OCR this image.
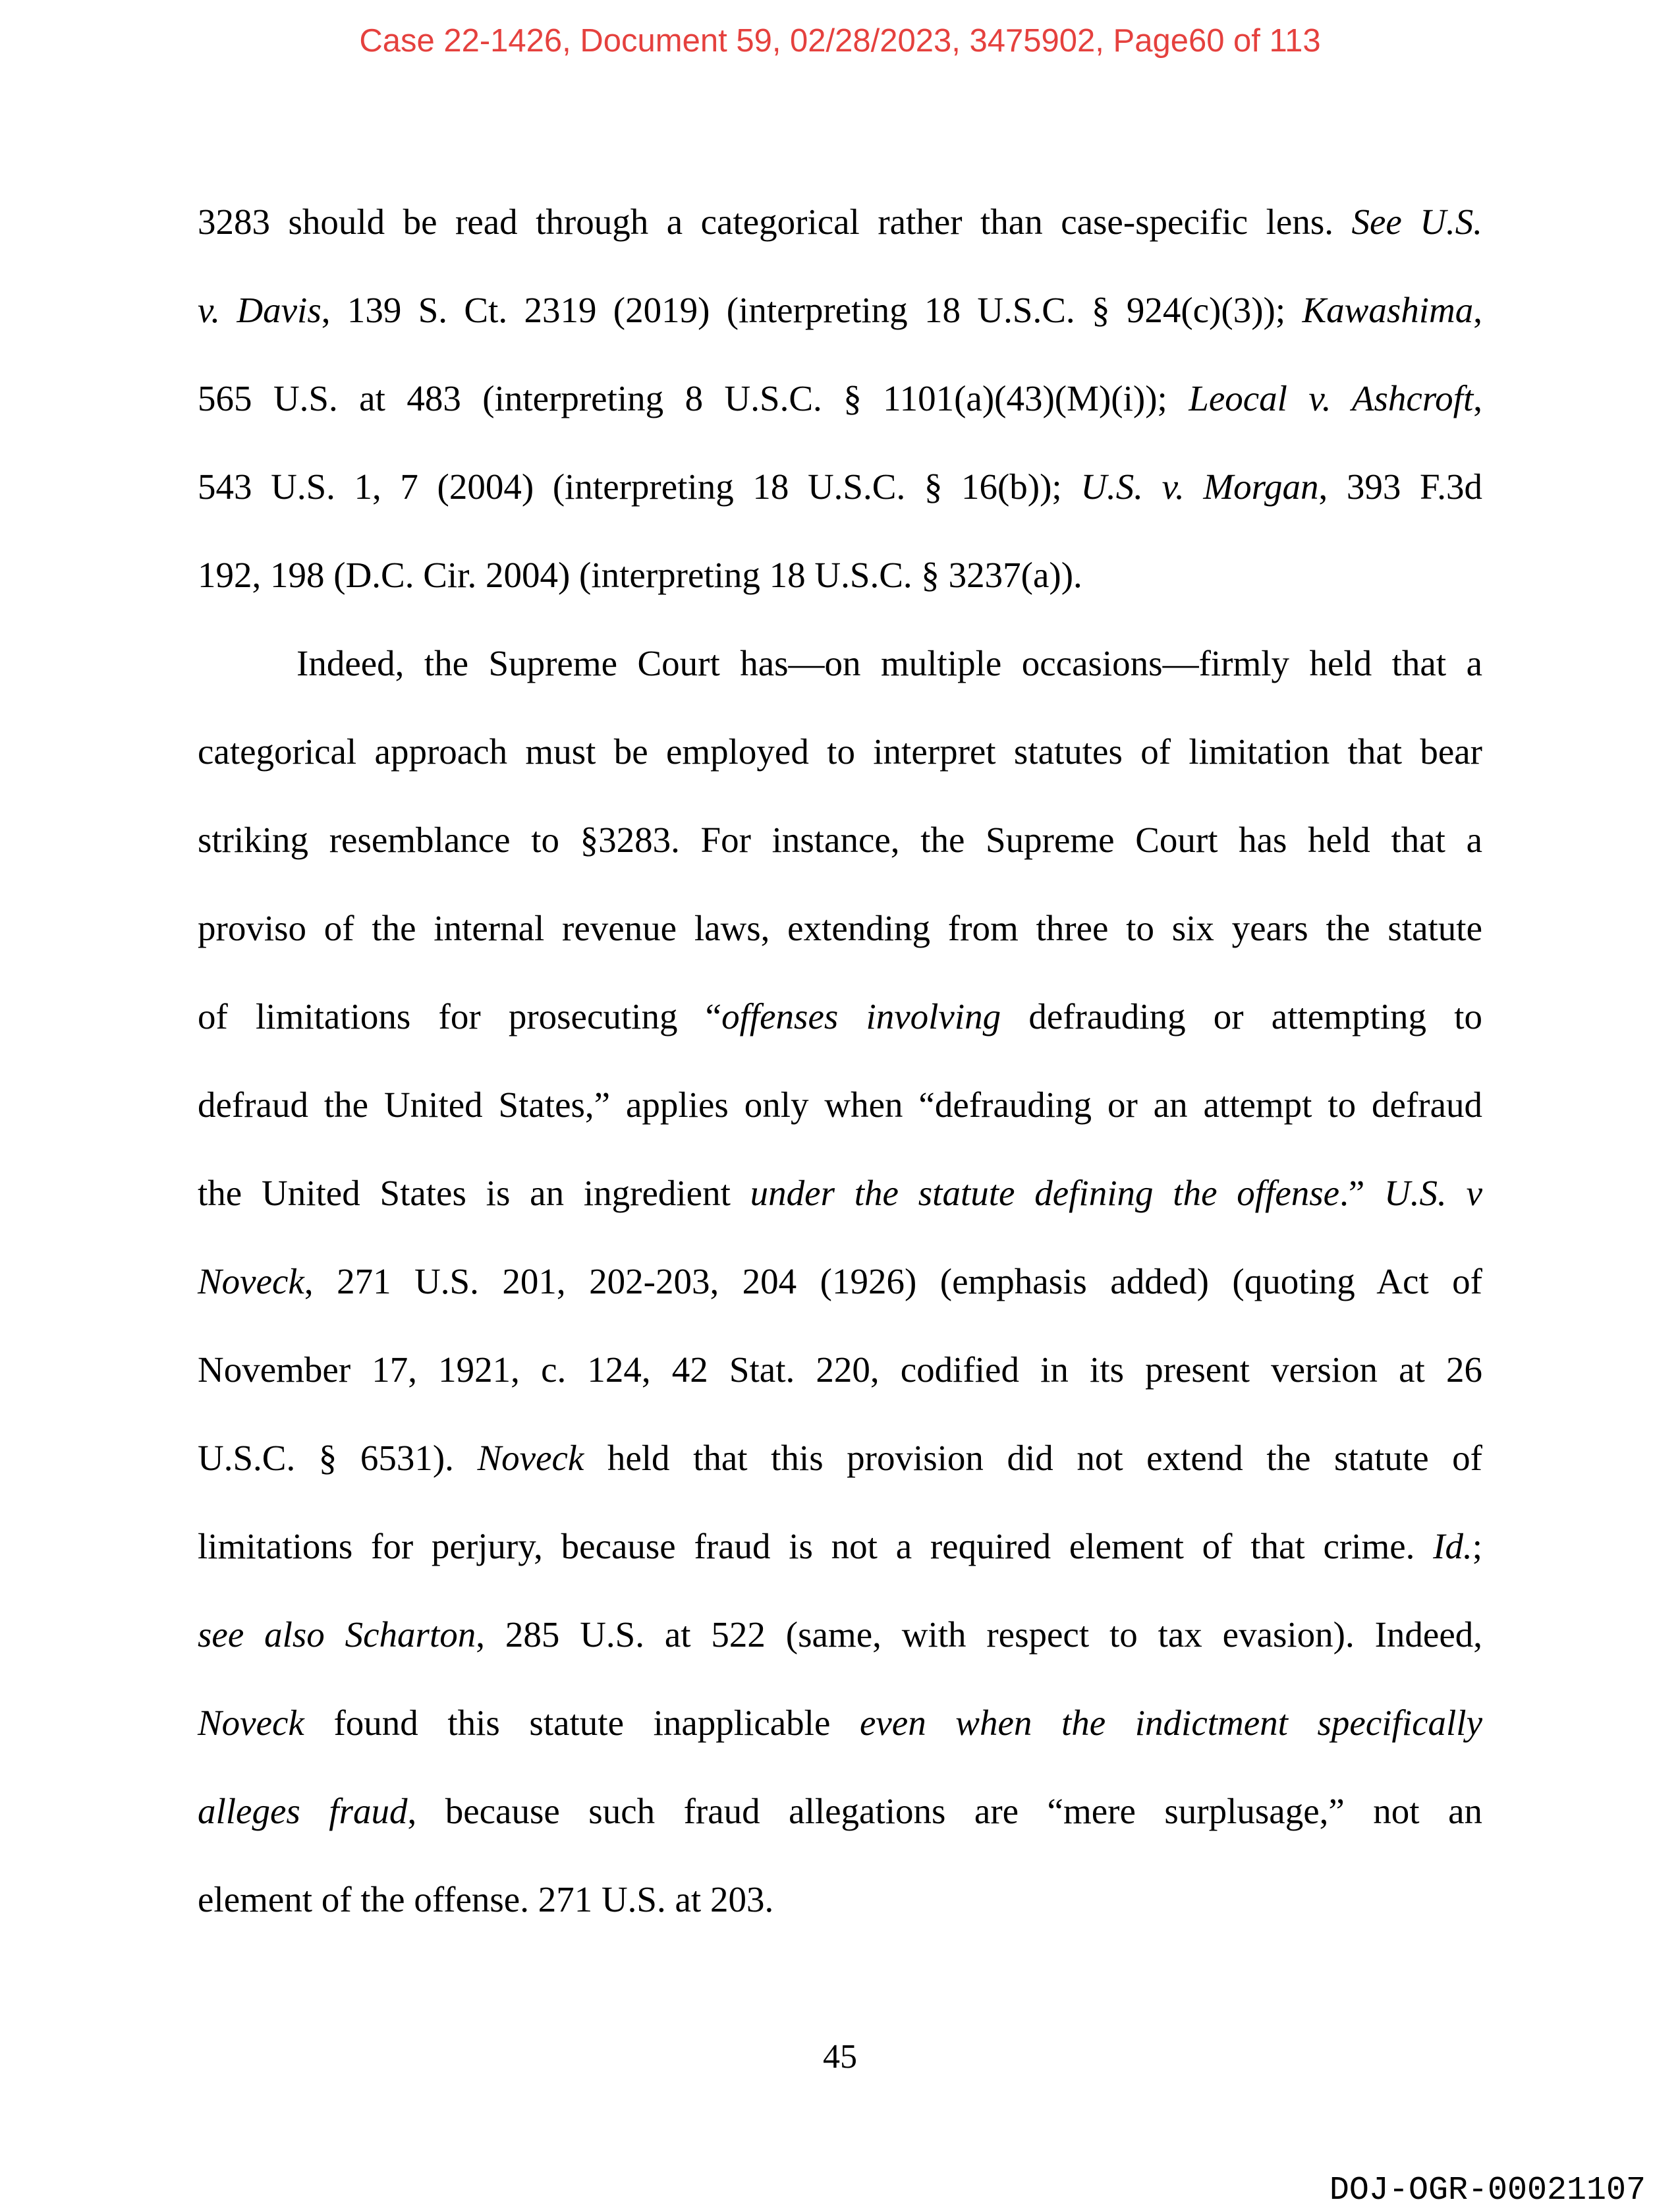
Case 22-1426, Document 59, 02/28/2023, 3475902, Page60 of 113
3283 should be read through a categorical rather than case-specific lens. See U.S.
v. Davis, 139 S. Ct. 2319 (2019) (interpreting 18 U.S.C. § 924(c)(3)); Kawashima,
565 U.S. at 483 (interpreting 8 U.S.C. § 1101(a)(43)(M)(i)); Leocal v. Ashcroft,
543 U.S. 1, 7 (2004) (interpreting 18 U.S.C. § 16(b)); U.S. v. Morgan, 393 F.3d
192, 198 (D.C. Cir. 2004) (interpreting 18 U.S.C. § 3237(a)).
Indeed, the Supreme Court has—on multiple occasions—firmly held that a
categorical approach must be employed to interpret statutes of limitation that bear
striking resemblance to §3283. For instance, the Supreme Court has held that a
proviso of the internal revenue laws, extending from three to six years the statute
of limitations for prosecuting “offenses involving defrauding or attempting to
defraud the United States,” applies only when “defrauding or an attempt to defraud
the United States is an ingredient under the statute defining the offense.” U.S. v
Noveck, 271 U.S. 201, 202-203, 204 (1926) (emphasis added) (quoting Act of
November 17, 1921, c. 124, 42 Stat. 220, codified in its present version at 26
U.S.C. § 6531). Noveck held that this provision did not extend the statute of
limitations for perjury, because fraud is not a required element of that crime. Id.;
see also Scharton, 285 U.S. at 522 (same, with respect to tax evasion). Indeed,
Noveck found this statute inapplicable even when the indictment specifically
alleges fraud, because such fraud allegations are “mere surplusage,” not an
element of the offense. 271 U.S. at 203.
45
DOJ-OGR-00021107
